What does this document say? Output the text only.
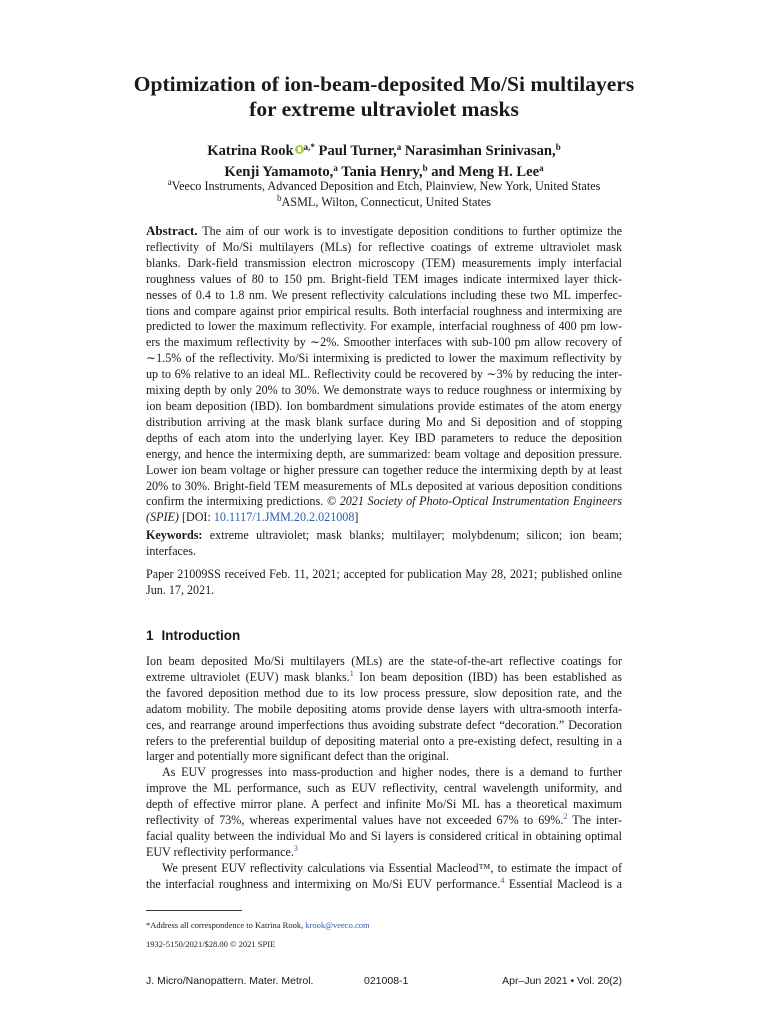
Optimization of ion-beam-deposited Mo/Si multilayers
for extreme ultraviolet masks
Katrina Rook $^{a,*}$ Paul Turner,$^a$ Narasimhan Srinivasan,$^b$
Kenji Yamamoto,$^a$ Tania Henry,$^b$ and Meng H. Lee$^a$
$^a$Veeco Instruments, Advanced Deposition and Etch, Plainview, New York, United States
$^b$ASML, Wilton, Connecticut, United States
Abstract. The aim of our work is to investigate deposition conditions to further optimize the
reflectivity of Mo/Si multilayers (MLs) for reflective coatings of extreme ultraviolet mask
blanks. Dark-field transmission electron microscopy (TEM) measurements imply interfacial
roughness values of 80 to 150 pm. Bright-field TEM images indicate intermixed layer thick-
nesses of 0.4 to 1.8 nm. We present reflectivity calculations including these two ML imperfec-
tions and compare against prior empirical results. Both interfacial roughness and intermixing are
predicted to lower the maximum reflectivity. For example, interfacial roughness of 400 pm low-
ers the maximum reflectivity by ∼2%. Smoother interfaces with sub-100 pm allow recovery of
∼1.5% of the reflectivity. Mo/Si intermixing is predicted to lower the maximum reflectivity by
up to 6% relative to an ideal ML. Reflectivity could be recovered by ∼3% by reducing the inter-
mixing depth by only 20% to 30%. We demonstrate ways to reduce roughness or intermixing by
ion beam deposition (IBD). Ion bombardment simulations provide estimates of the atom energy
distribution arriving at the mask blank surface during Mo and Si deposition and of stopping
depths of each atom into the underlying layer. Key IBD parameters to reduce the deposition
energy, and hence the intermixing depth, are summarized: beam voltage and deposition pressure.
Lower ion beam voltage or higher pressure can together reduce the intermixing depth by at least
20% to 30%. Bright-field TEM measurements of MLs deposited at various deposition conditions
confirm the intermixing predictions. © 2021 Society of Photo-Optical Instrumentation Engineers
(SPIE) [DOI: 10.1117/1.JMM.20.2.021008]
Keywords: extreme ultraviolet; mask blanks; multilayer; molybdenum; silicon; ion beam;
interfaces.
Paper 21009SS received Feb. 11, 2021; accepted for publication May 28, 2021; published online
Jun. 17, 2021.
1 Introduction
Ion beam deposited Mo/Si multilayers (MLs) are the state-of-the-art reflective coatings for
extreme ultraviolet (EUV) mask blanks.$^1$ Ion beam deposition (IBD) has been established as
the favored deposition method due to its low process pressure, slow deposition rate, and the
adatom mobility. The mobile depositing atoms provide dense layers with ultra-smooth interfa-
ces, and rearrange around imperfections thus avoiding substrate defect “decoration.” Decoration
refers to the preferential buildup of depositing material onto a pre-existing defect, resulting in a
larger and potentially more significant defect than the original.
As EUV progresses into mass-production and higher nodes, there is a demand to further
improve the ML performance, such as EUV reflectivity, central wavelength uniformity, and
depth of effective mirror plane. A perfect and infinite Mo/Si ML has a theoretical maximum
reflectivity of 73%, whereas experimental values have not exceeded 67% to 69%.$^2$ The inter-
facial quality between the individual Mo and Si layers is considered critical in obtaining optimal
EUV reflectivity performance.$^3$
We present EUV reflectivity calculations via Essential Macleod™, to estimate the impact of
the interfacial roughness and intermixing on Mo/Si EUV performance.$^4$ Essential Macleod is a
*Address all correspondence to Katrina Rook, krook@veeco.com
1932-5150/2021/$28.00 © 2021 SPIE
J. Micro/Nanopattern. Mater. Metrol.	021008-1	Apr–Jun 2021 • Vol. 20(2)
